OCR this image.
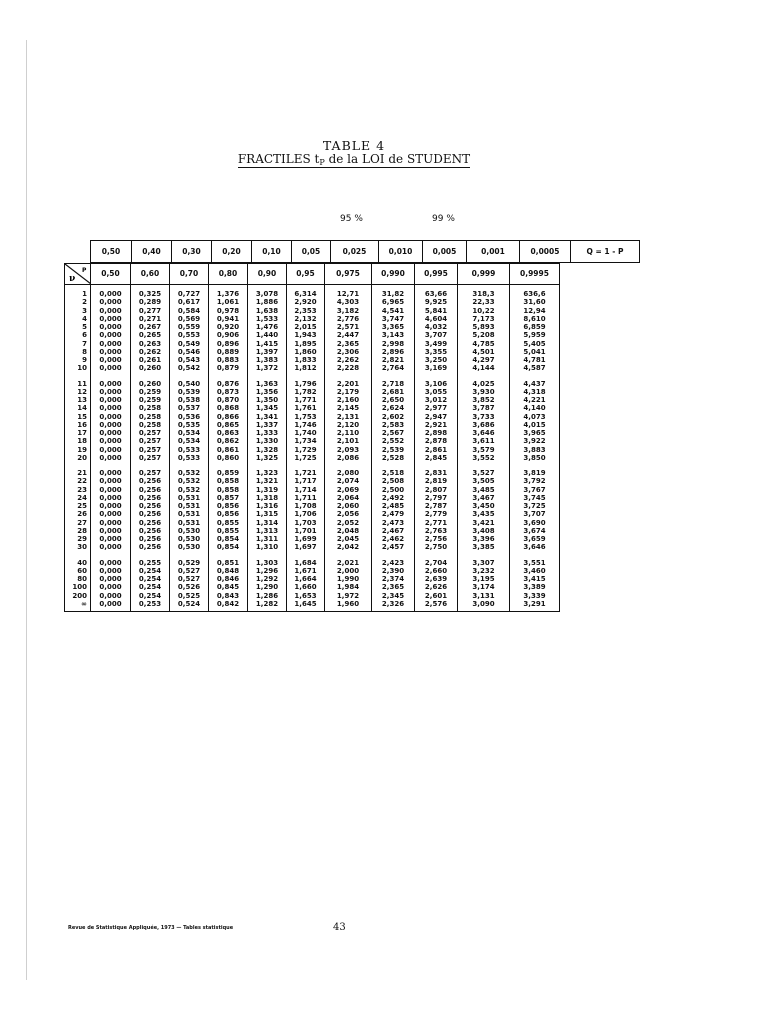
TABLE 4
FRACTILES $t_P$ de la LOI de STUDENT
95 %	99 %
0,50	0,40	0,30	0,20	0,10	0,05	0,025	0,010	0,005	0,001	0,0005	Q = 1 - P
ν
P	0,50	0,60	0,70	0,80	0,90	0,95	0,975	0,990	0,995	0,999	0,9995
1	0,000	0,325	0,727	1,376	3,078	6,314	12,71	31,82	63,66	318,3	636,6
2	0,000	0,289	0,617	1,061	1,886	2,920	4,303	6,965	9,925	22,33	31,60
3	0,000	0,277	0,584	0,978	1,638	2,353	3,182	4,541	5,841	10,22	12,94
4	0,000	0,271	0,569	0,941	1,533	2,132	2,776	3,747	4,604	7,173	8,610
5	0,000	0,267	0,559	0,920	1,476	2,015	2,571	3,365	4,032	5,893	6,859
6	0,000	0,265	0,553	0,906	1,440	1,943	2,447	3,143	3,707	5,208	5,959
7	0,000	0,263	0,549	0,896	1,415	1,895	2,365	2,998	3,499	4,785	5,405
8	0,000	0,262	0,546	0,889	1,397	1,860	2,306	2,896	3,355	4,501	5,041
9	0,000	0,261	0,543	0,883	1,383	1,833	2,262	2,821	3,250	4,297	4,781
10	0,000	0,260	0,542	0,879	1,372	1,812	2,228	2,764	3,169	4,144	4,587
11	0,000	0,260	0,540	0,876	1,363	1,796	2,201	2,718	3,106	4,025	4,437
12	0,000	0,259	0,539	0,873	1,356	1,782	2,179	2,681	3,055	3,930	4,318
13	0,000	0,259	0,538	0,870	1,350	1,771	2,160	2,650	3,012	3,852	4,221
14	0,000	0,258	0,537	0,868	1,345	1,761	2,145	2,624	2,977	3,787	4,140
15	0,000	0,258	0,536	0,866	1,341	1,753	2,131	2,602	2,947	3,733	4,073
16	0,000	0,258	0,535	0,865	1,337	1,746	2,120	2,583	2,921	3,686	4,015
17	0,000	0,257	0,534	0,863	1,333	1,740	2,110	2,567	2,898	3,646	3,965
18	0,000	0,257	0,534	0,862	1,330	1,734	2,101	2,552	2,878	3,611	3,922
19	0,000	0,257	0,533	0,861	1,328	1,729	2,093	2,539	2,861	3,579	3,883
20	0,000	0,257	0,533	0,860	1,325	1,725	2,086	2,528	2,845	3,552	3,850
21	0,000	0,257	0,532	0,859	1,323	1,721	2,080	2,518	2,831	3,527	3,819
22	0,000	0,256	0,532	0,858	1,321	1,717	2,074	2,508	2,819	3,505	3,792
23	0,000	0,256	0,532	0,858	1,319	1,714	2,069	2,500	2,807	3,485	3,767
24	0,000	0,256	0,531	0,857	1,318	1,711	2,064	2,492	2,797	3,467	3,745
25	0,000	0,256	0,531	0,856	1,316	1,708	2,060	2,485	2,787	3,450	3,725
26	0,000	0,256	0,531	0,856	1,315	1,706	2,056	2,479	2,779	3,435	3,707
27	0,000	0,256	0,531	0,855	1,314	1,703	2,052	2,473	2,771	3,421	3,690
28	0,000	0,256	0,530	0,855	1,313	1,701	2,048	2,467	2,763	3,408	3,674
29	0,000	0,256	0,530	0,854	1,311	1,699	2,045	2,462	2,756	3,396	3,659
30	0,000	0,256	0,530	0,854	1,310	1,697	2,042	2,457	2,750	3,385	3,646
40	0,000	0,255	0,529	0,851	1,303	1,684	2,021	2,423	2,704	3,307	3,551
60	0,000	0,254	0,527	0,848	1,296	1,671	2,000	2,390	2,660	3,232	3,460
80	0,000	0,254	0,527	0,846	1,292	1,664	1,990	2,374	2,639	3,195	3,415
100	0,000	0,254	0,526	0,845	1,290	1,660	1,984	2,365	2,626	3,174	3,389
200	0,000	0,254	0,525	0,843	1,286	1,653	1,972	2,345	2,601	3,131	3,339
∞	0,000	0,253	0,524	0,842	1,282	1,645	1,960	2,326	2,576	3,090	3,291
Revue de Statistique Appliquée, 1973 — Tables statistique	43
